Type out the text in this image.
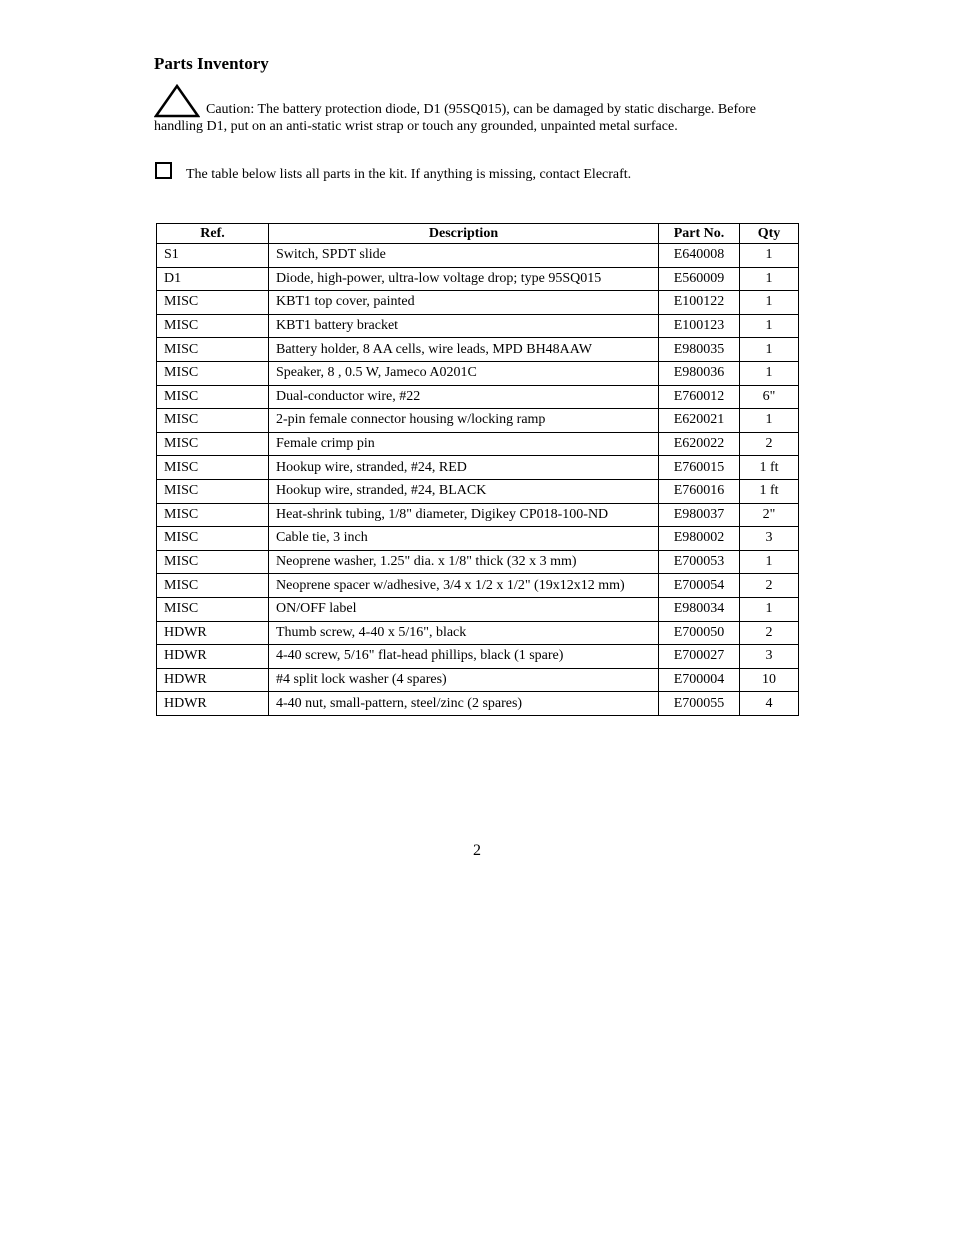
Parts Inventory
Caution: The battery protection diode, D1 (95SQ015), can be damaged by static discharge. Before handling D1, put on an anti-static wrist strap or touch any grounded, unpainted metal surface.
The table below lists all parts in the kit. If anything is missing, contact Elecraft.
Ref.	Description	Part No.	Qty
S1	Switch, SPDT slide	E640008	1
D1	Diode, high-power, ultra-low voltage drop; type 95SQ015	E560009	1
MISC	KBT1 top cover, painted	E100122	1
MISC	KBT1 battery bracket	E100123	1
MISC	Battery holder, 8 AA cells, wire leads, MPD BH48AAW	E980035	1
MISC	Speaker, 8 , 0.5 W, Jameco A0201C	E980036	1
MISC	Dual-conductor wire, #22	E760012	6"
MISC	2-pin female connector housing w/locking ramp	E620021	1
MISC	Female crimp pin	E620022	2
MISC	Hookup wire, stranded, #24, RED	E760015	1 ft
MISC	Hookup wire, stranded, #24, BLACK	E760016	1 ft
MISC	Heat-shrink tubing, 1/8" diameter, Digikey CP018-100-ND	E980037	2"
MISC	Cable tie, 3 inch	E980002	3
MISC	Neoprene washer, 1.25" dia. x 1/8" thick (32 x 3 mm)	E700053	1
MISC	Neoprene spacer w/adhesive, 3/4 x 1/2 x 1/2" (19x12x12 mm)	E700054	2
MISC	ON/OFF label	E980034	1
HDWR	Thumb screw, 4-40 x 5/16", black	E700050	2
HDWR	4-40 screw, 5/16" flat-head phillips, black (1 spare)	E700027	3
HDWR	#4 split lock washer (4 spares)	E700004	10
HDWR	4-40 nut, small-pattern, steel/zinc (2 spares)	E700055	4
2
